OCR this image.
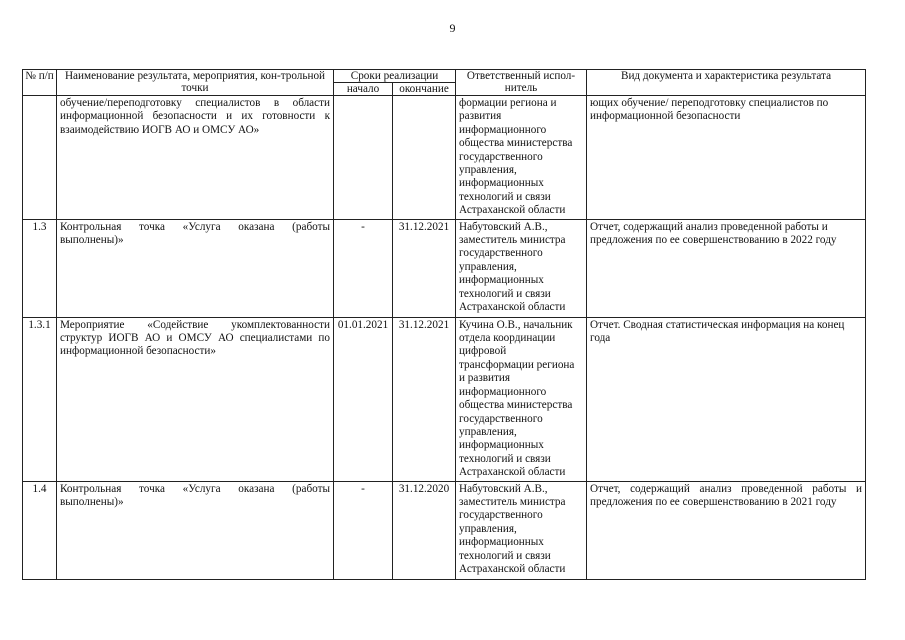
9
№ п/п	Наименование результата, мероприятия, кон-трольной точки	Сроки реализации		Ответственный испол-нитель	Вид документа и характеристика результата
		начало	окончание		
	обучение/переподготовку специалистов в области информационной безопасности и их готовности к взаимодействию ИОГВ АО и ОМСУ АО»			формации региона и развития информационного общества министерства государственного управления, информационных технологий и связи Астраханской области	ющих обучение/ переподготовку специалистов по информационной безопасности
1.3	Контрольная точка «Услуга оказана (работы выполнены)»	-	31.12.2021	Набутовский А.В., заместитель министра государственного управления, информационных технологий и связи Астраханской области	Отчет, содержащий анализ проведенной работы и предложения по ее совершенствованию в 2022 году
1.3.1	Мероприятие «Содействие укомплектованности структур ИОГВ АО и ОМСУ АО специалистами по информационной безопасности»	01.01.2021	31.12.2021	Кучина О.В., начальник отдела координации цифровой трансформации региона и развития информационного общества министерства государственного управления, информационных технологий и связи Астраханской области	Отчет. Сводная статистическая информация на конец года
1.4	Контрольная точка «Услуга оказана (работы выполнены)»	-	31.12.2020	Набутовский А.В., заместитель министра государственного управления, информационных технологий и связи Астраханской области	Отчет, содержащий анализ проведенной работы и предложения по ее совершенствованию в 2021 году
